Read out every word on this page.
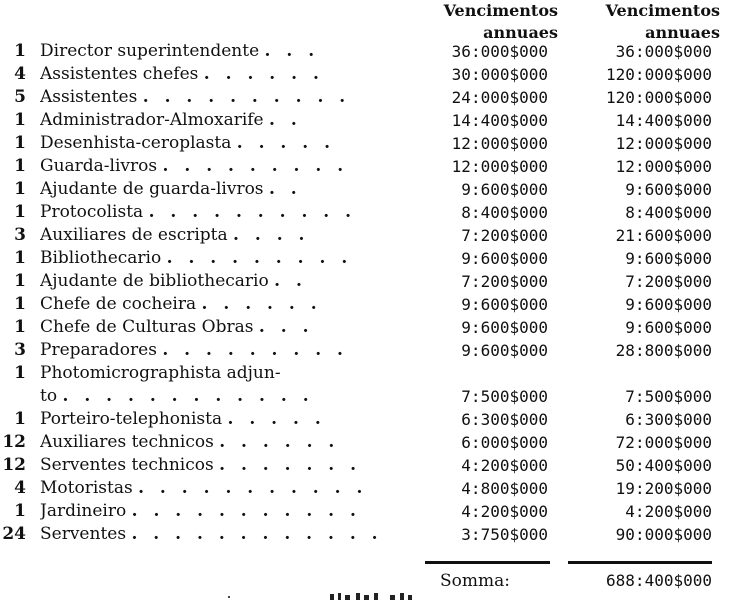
Vencimentos
annuaes
Vencimentos
annuaes
1 Director superintendente . . .	36:000$000	36:000$000
4 Assistentes chefes . . . . . .	30:000$000	120:000$000
5 Assistentes . . . . . . . . . .	24:000$000	120:000$000
1 Administrador-Almoxarife . .	14:400$000	14:400$000
1 Desenhista-ceroplasta . . . . .	12:000$000	12:000$000
1 Guarda-livros . . . . . . . . .	12:000$000	12:000$000
1 Ajudante de guarda-livros . .	9:600$000	9:600$000
1 Protocolista . . . . . . . . . .	8:400$000	8:400$000
3 Auxiliares de escripta . . . .	7:200$000	21:600$000
1 Bibliothecario . . . . . . . . .	9:600$000	9:600$000
1 Ajudante de bibliothecario . .	7:200$000	7:200$000
1 Chefe de cocheira . . . . . .	9:600$000	9:600$000
1 Chefe de Culturas Obras . . .	9:600$000	9:600$000
3 Preparadores . . . . . . . . .	9:600$000	28:800$000
1 Photomicrographista adjun-
to . . . . . . . . . . . .	7:500$000	7:500$000
1 Porteiro-telephonista . . . . .	6:300$000	6:300$000
12 Auxiliares technicos . . . . . .	6:000$000	72:000$000
12 Serventes technicos . . . . . . .	4:200$000	50:400$000
4 Motoristas . . . . . . . . . . .	4:800$000	19:200$000
1 Jardineiro . . . . . . . . . . .	4:200$000	4:200$000
24 Serventes . . . . . . . . . . . .	3:750$000	90:000$000
Somma:	688:400$000
